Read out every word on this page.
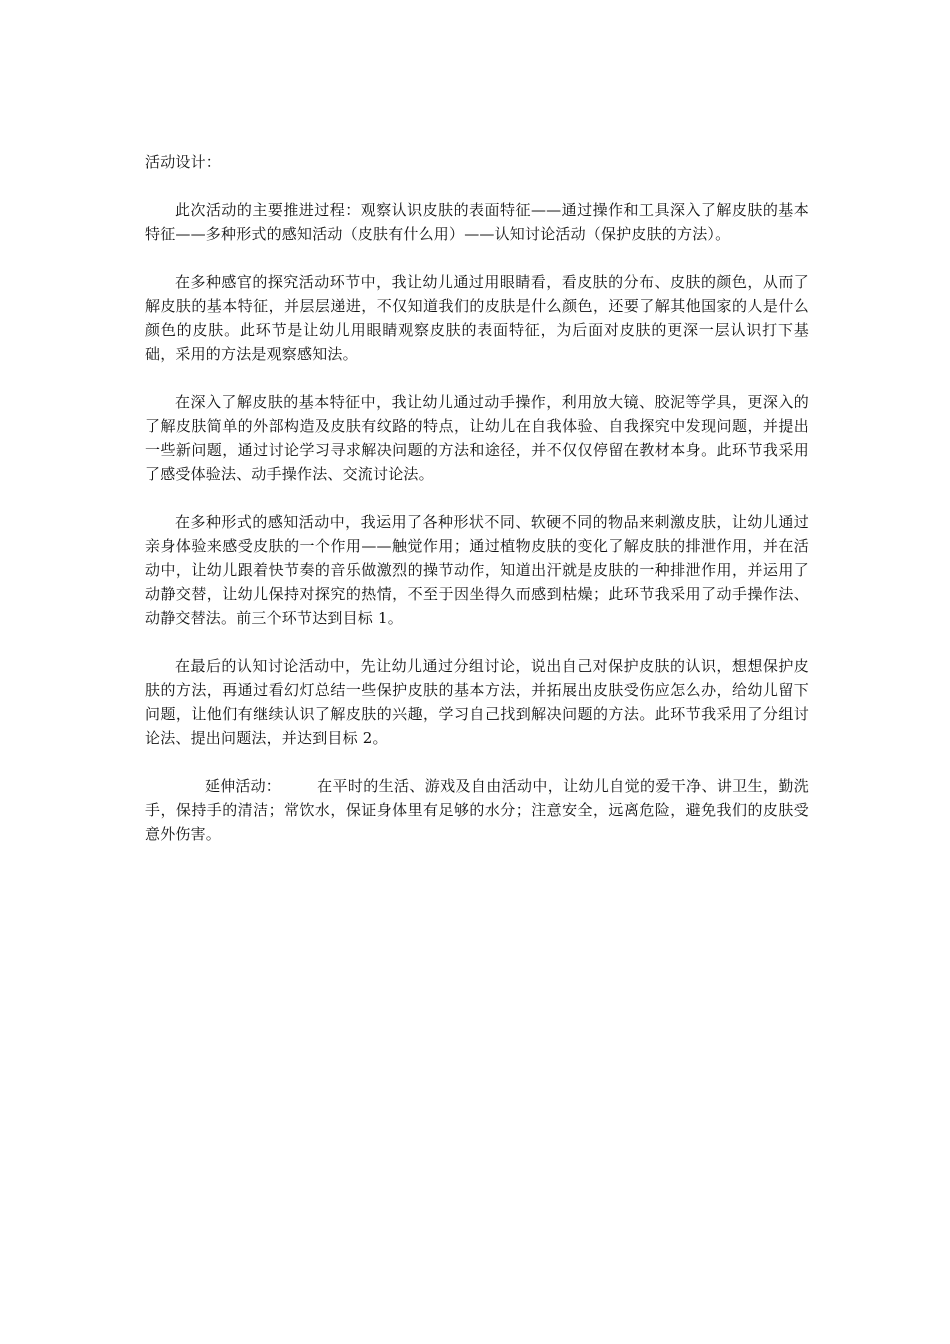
活动设计：

此次活动的主要推进过程：观察认识皮肤的表面特征——通过操作和工具深入了解皮肤的基本特征——多种形式的感知活动（皮肤有什么用）——认知讨论活动（保护皮肤的方法）。

在多种感官的探究活动环节中，我让幼儿通过用眼睛看，看皮肤的分布、皮肤的颜色，从而了解皮肤的基本特征，并层层递进，不仅知道我们的皮肤是什么颜色，还要了解其他国家的人是什么颜色的皮肤。此环节是让幼儿用眼睛观察皮肤的表面特征，为后面对皮肤的更深一层认识打下基础，采用的方法是观察感知法。

在深入了解皮肤的基本特征中，我让幼儿通过动手操作，利用放大镜、胶泥等学具，更深入的了解皮肤简单的外部构造及皮肤有纹路的特点，让幼儿在自我体验、自我探究中发现问题，并提出一些新问题，通过讨论学习寻求解决问题的方法和途径，并不仅仅停留在教材本身。此环节我采用了感受体验法、动手操作法、交流讨论法。

在多种形式的感知活动中，我运用了各种形状不同、软硬不同的物品来刺激皮肤，让幼儿通过亲身体验来感受皮肤的一个作用——触觉作用；通过植物皮肤的变化了解皮肤的排泄作用，并在活动中，让幼儿跟着快节奏的音乐做激烈的操节动作，知道出汗就是皮肤的一种排泄作用，并运用了动静交替，让幼儿保持对探究的热情，不至于因坐得久而感到枯燥；此环节我采用了动手操作法、动静交替法。前三个环节达到目标 1。

在最后的认知讨论活动中，先让幼儿通过分组讨论，说出自己对保护皮肤的认识，想想保护皮肤的方法，再通过看幻灯总结一些保护皮肤的基本方法，并拓展出皮肤受伤应怎么办，给幼儿留下问题，让他们有继续认识了解皮肤的兴趣，学习自己找到解决问题的方法。此环节我采用了分组讨论法、提出问题法，并达到目标 2。

延伸活动： 在平时的生活、游戏及自由活动中，让幼儿自觉的爱干净、讲卫生，勤洗手，保持手的清洁；常饮水，保证身体里有足够的水分；注意安全，远离危险，避免我们的皮肤受意外伤害。
